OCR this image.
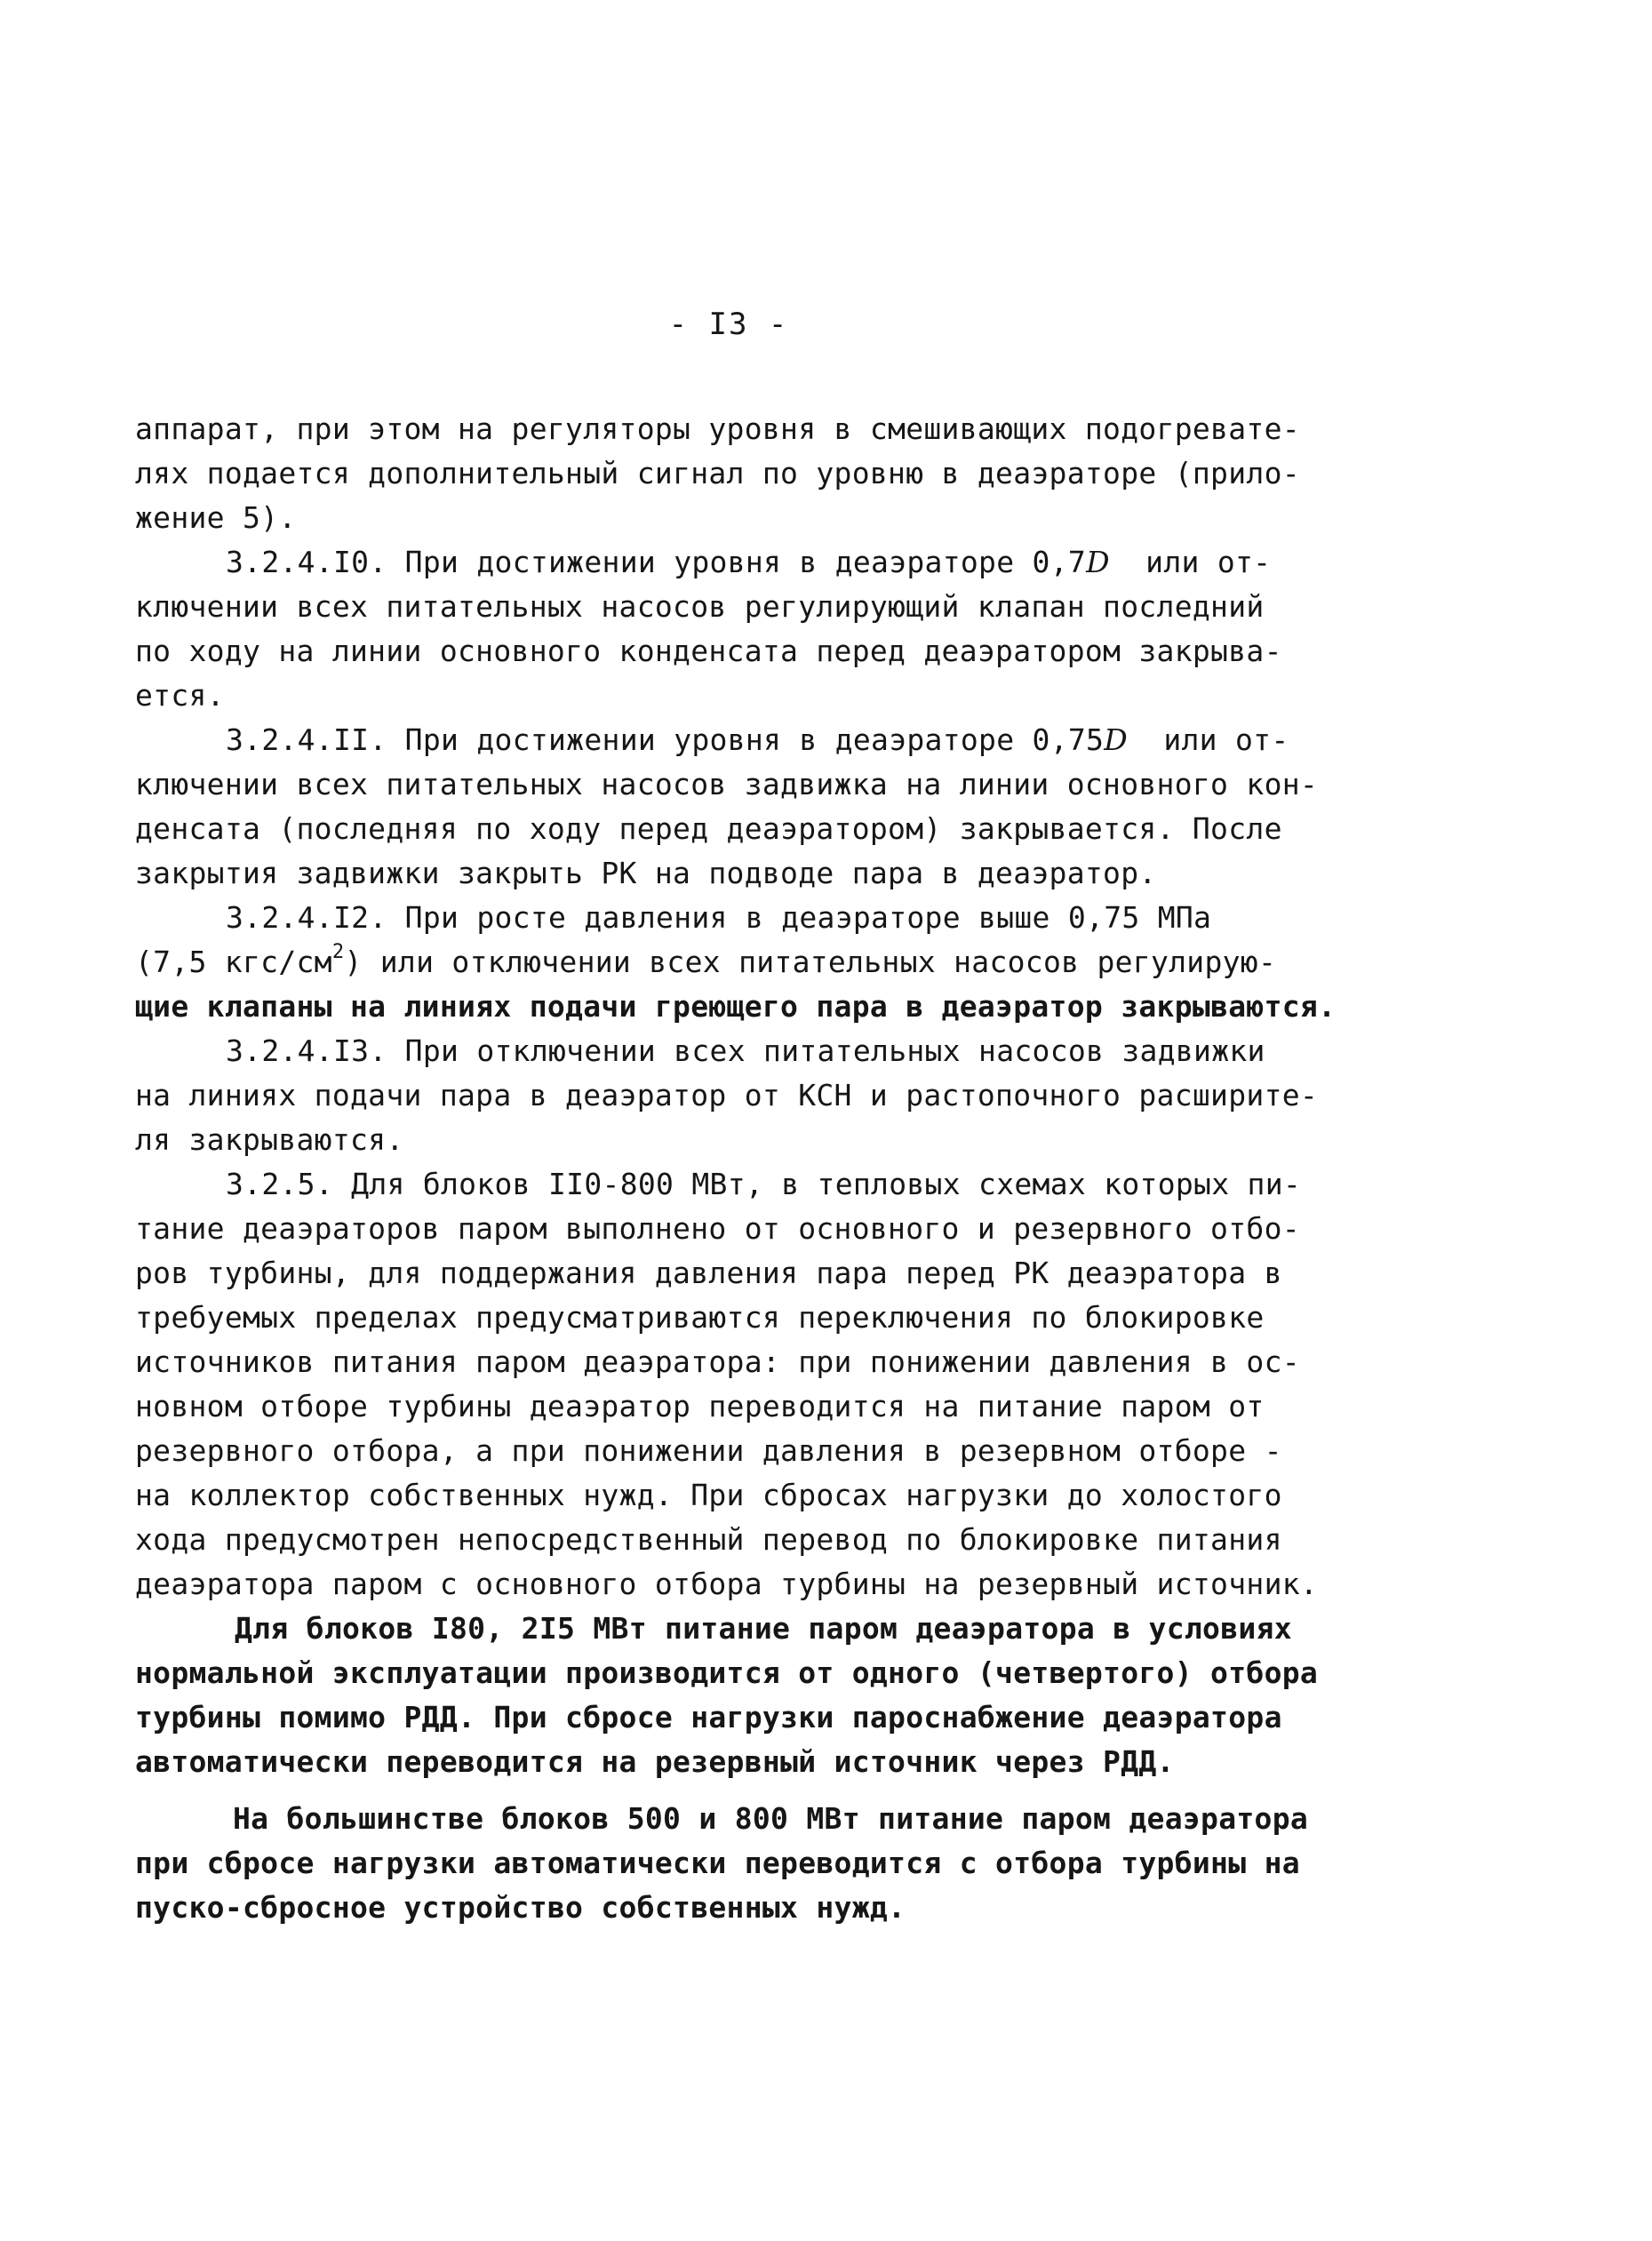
- I3 -
аппарат, при этом на регуляторы уровня в смешивающих подогревате-
лях подается дополнительный сигнал по уровню в деаэраторе (прило-
жение 5).
3.2.4.I0. При достижении уровня в деаэраторе 0,7D  или от-
ключении всех питательных насосов регулирующий клапан последний
по ходу на линии основного конденсата перед деаэратором закрыва-
ется.
3.2.4.II. При достижении уровня в деаэраторе 0,75D  или от-
ключении всех питательных насосов задвижка на линии основного кон-
денсата (последняя по ходу перед деаэратором) закрывается. После
закрытия задвижки закрыть РК на подводе пара в деаэратор.
3.2.4.I2. При росте давления в деаэраторе выше 0,75 МПа
(7,5 кгс/$см^2$) или отключении всех питательных насосов регулирую-
щие клапаны на линиях подачи греющего пара в деаэратор закрываются.
3.2.4.I3. При отключении всех питательных насосов задвижки
на линиях подачи пара в деаэратор от КСН и растопочного расширите-
ля закрываются.
3.2.5. Для блоков II0-800 МВт, в тепловых схемах которых пи-
тание деаэраторов паром выполнено от основного и резервного отбо-
ров турбины, для поддержания давления пара перед РК деаэратора в
требуемых пределах предусматриваются переключения по блокировке
источников питания паром деаэратора: при понижении давления в ос-
новном отборе турбины деаэратор переводится на питание паром от
резервного отбора, а при понижении давления в резервном отборе -
на коллектор собственных нужд. При сбросах нагрузки до холостого
хода предусмотрен непосредственный перевод по блокировке питания
деаэратора паром с основного отбора турбины на резервный источник.
Для блоков I80, 2I5 МВт питание паром деаэратора в условиях
нормальной эксплуатации производится от одного (четвертого) отбора
турбины помимо РДД. При сбросе нагрузки пароснабжение деаэратора
автоматически переводится на резервный источник через РДД.
На большинстве блоков 500 и 800 МВт питание паром деаэратора
при сбросе нагрузки автоматически переводится с отбора турбины на
пуско-сбросное устройство собственных нужд.
